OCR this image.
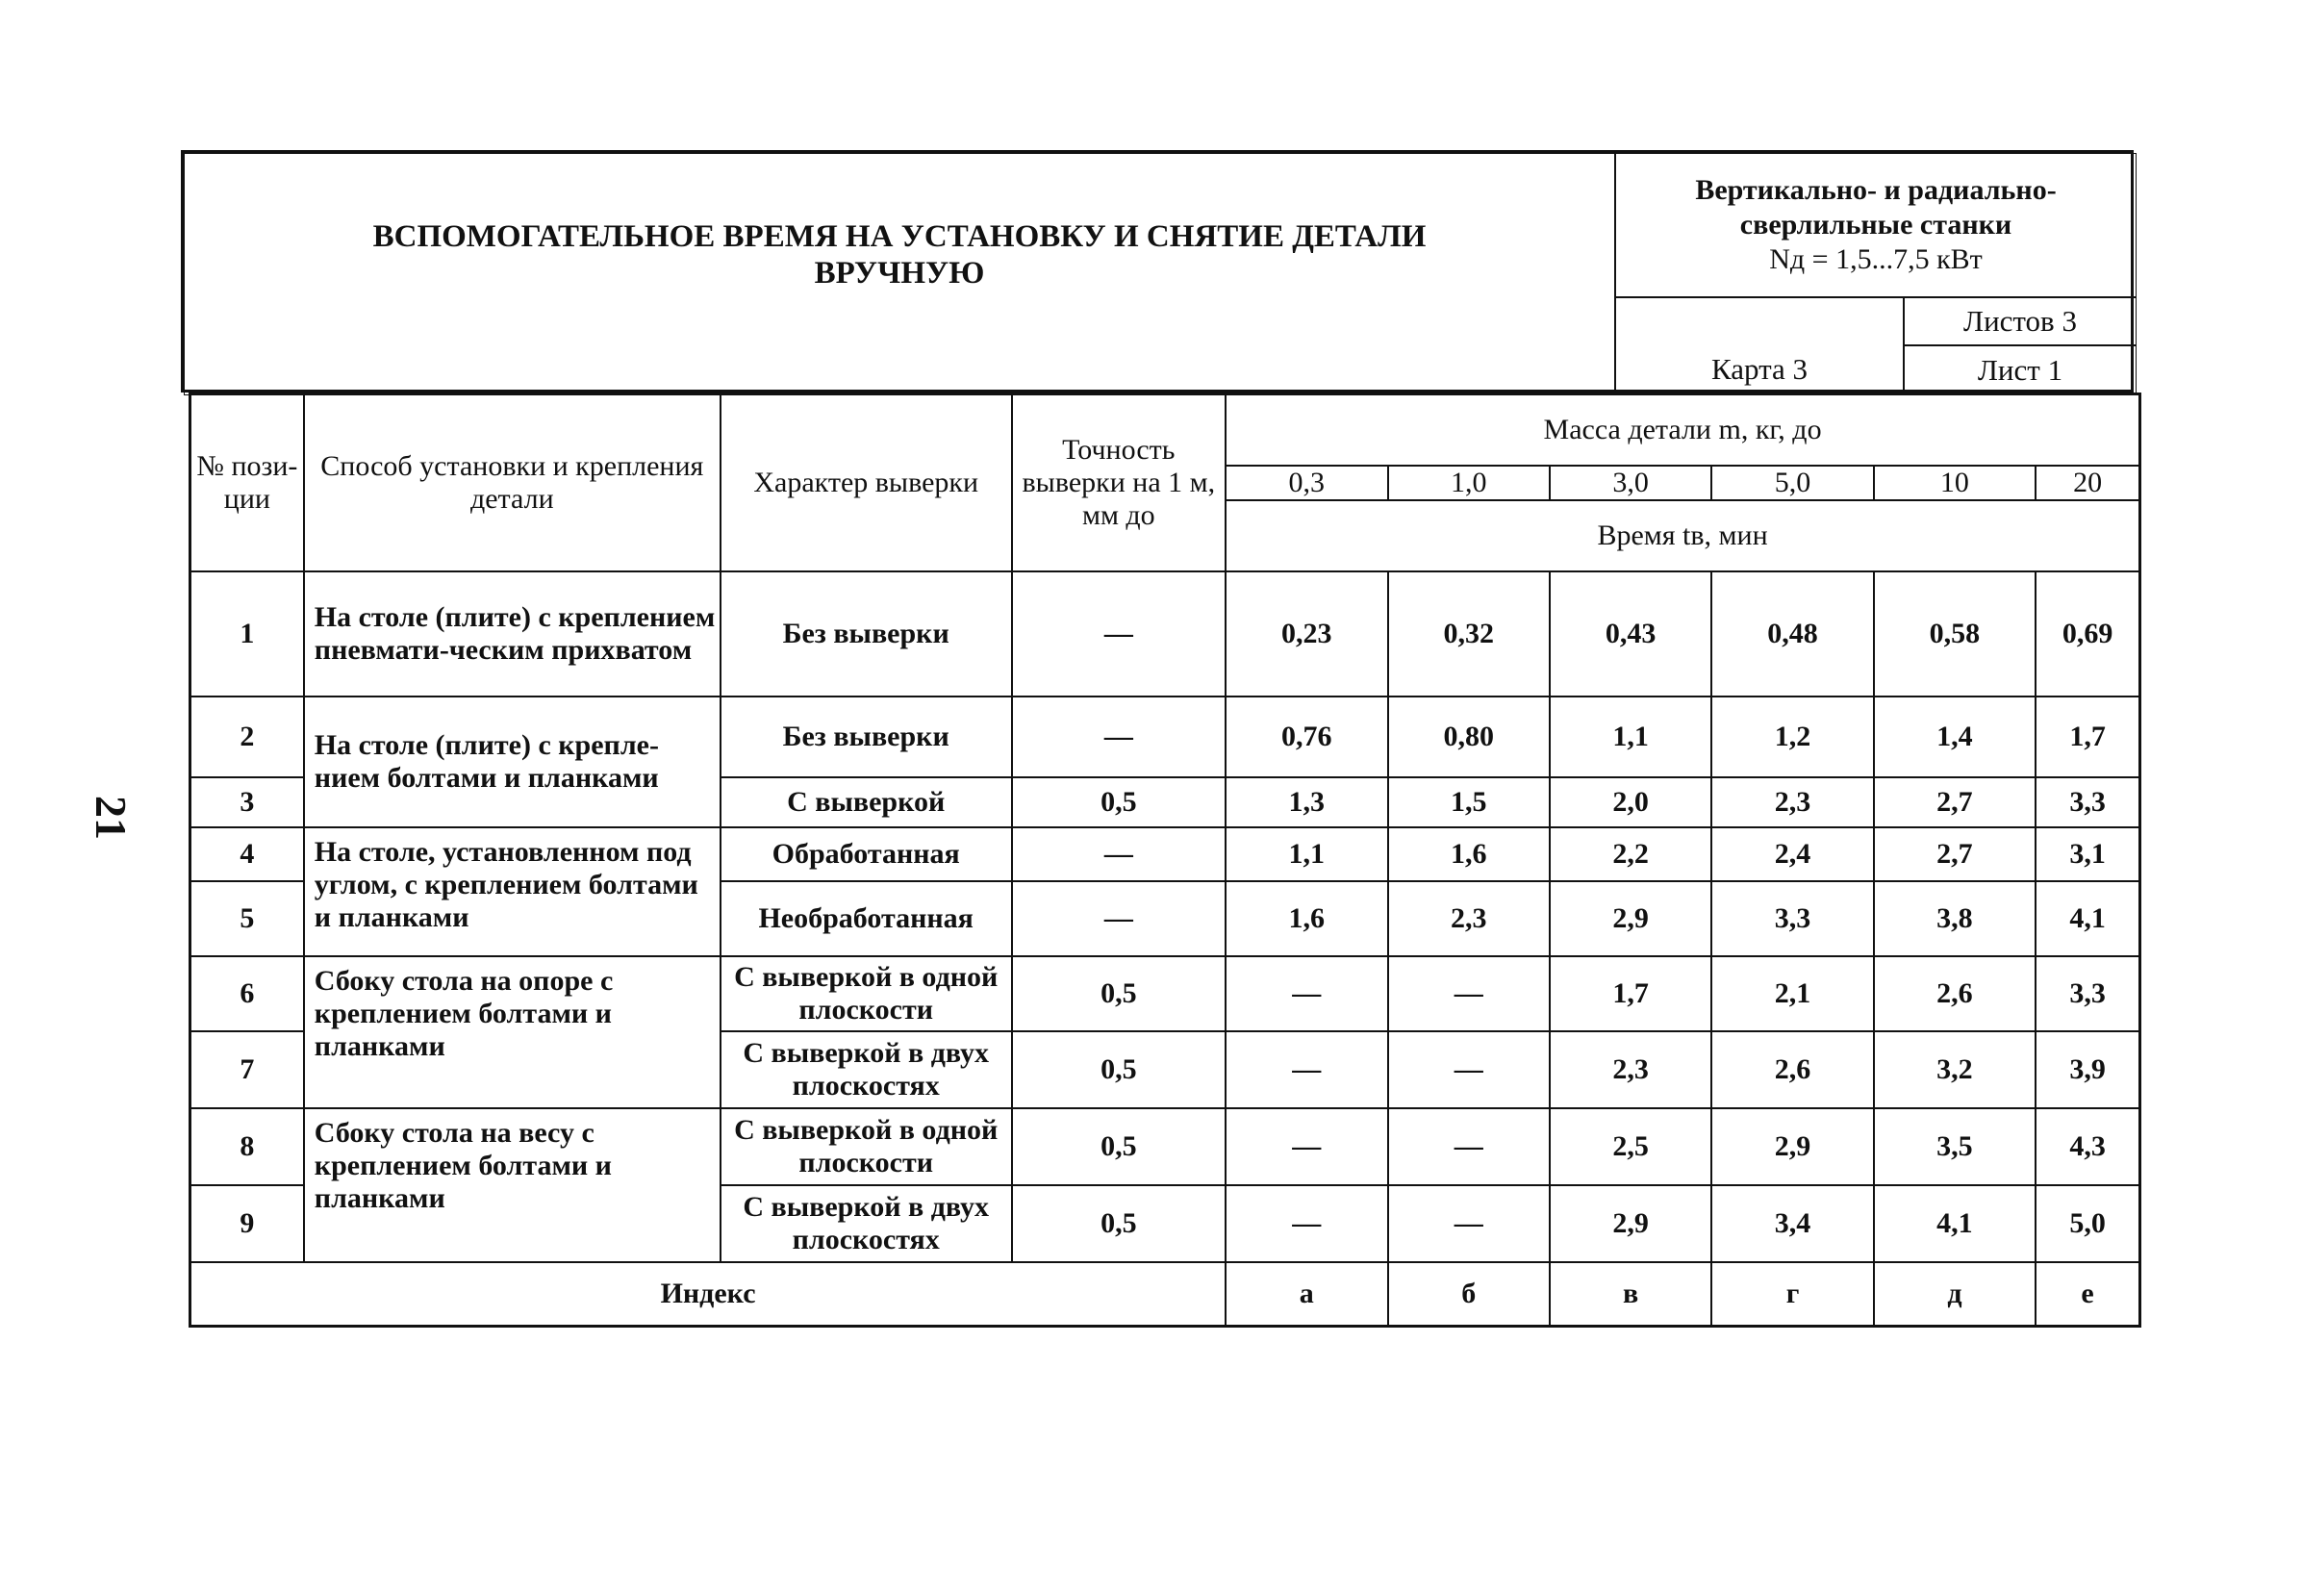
21
ВСПОМОГАТЕЛЬНОЕ ВРЕМЯ НА УСТАНОВКУ И СНЯТИЕ ДЕТАЛИ ВРУЧНУЮ
Вертикально- и радиально-
сверлильные станки
Nд = 1,5...7,5 кВт
Карта 3
Листов 3
Лист 1
№ пози-ции	Способ установки и крепления детали	Характер выверки	Точность выверки на 1 м, мм до	Масса детали m, кг, до					
				0,3	1,0	3,0	5,0	10	20
				Время tв, мин					
1	На столе (плите) с креплением пневмати-ческим прихватом	Без выверки	—	0,23	0,32	0,43	0,48	0,58	0,69
2	На столе (плите) с крепле-нием болтами и планками	Без выверки	—	0,76	0,80	1,1	1,2	1,4	1,7
3		С выверкой	0,5	1,3	1,5	2,0	2,3	2,7	3,3
4	На столе, установленном под углом, с креплением болтами и планками	Обработанная	—	1,1	1,6	2,2	2,4	2,7	3,1
5		Необработанная	—	1,6	2,3	2,9	3,3	3,8	4,1
6	Сбоку стола на опоре с креплением болтами и планками	С выверкой в одной плоскости	0,5	—	—	1,7	2,1	2,6	3,3
7		С выверкой в двух плоскостях	0,5	—	—	2,3	2,6	3,2	3,9
8	Сбоку стола на весу с креплением болтами и планками	С выверкой в одной плоскости	0,5	—	—	2,5	2,9	3,5	4,3
9		С выверкой в двух плоскостях	0,5	—	—	2,9	3,4	4,1	5,0
Индекс				а	б	в	г	д	е
